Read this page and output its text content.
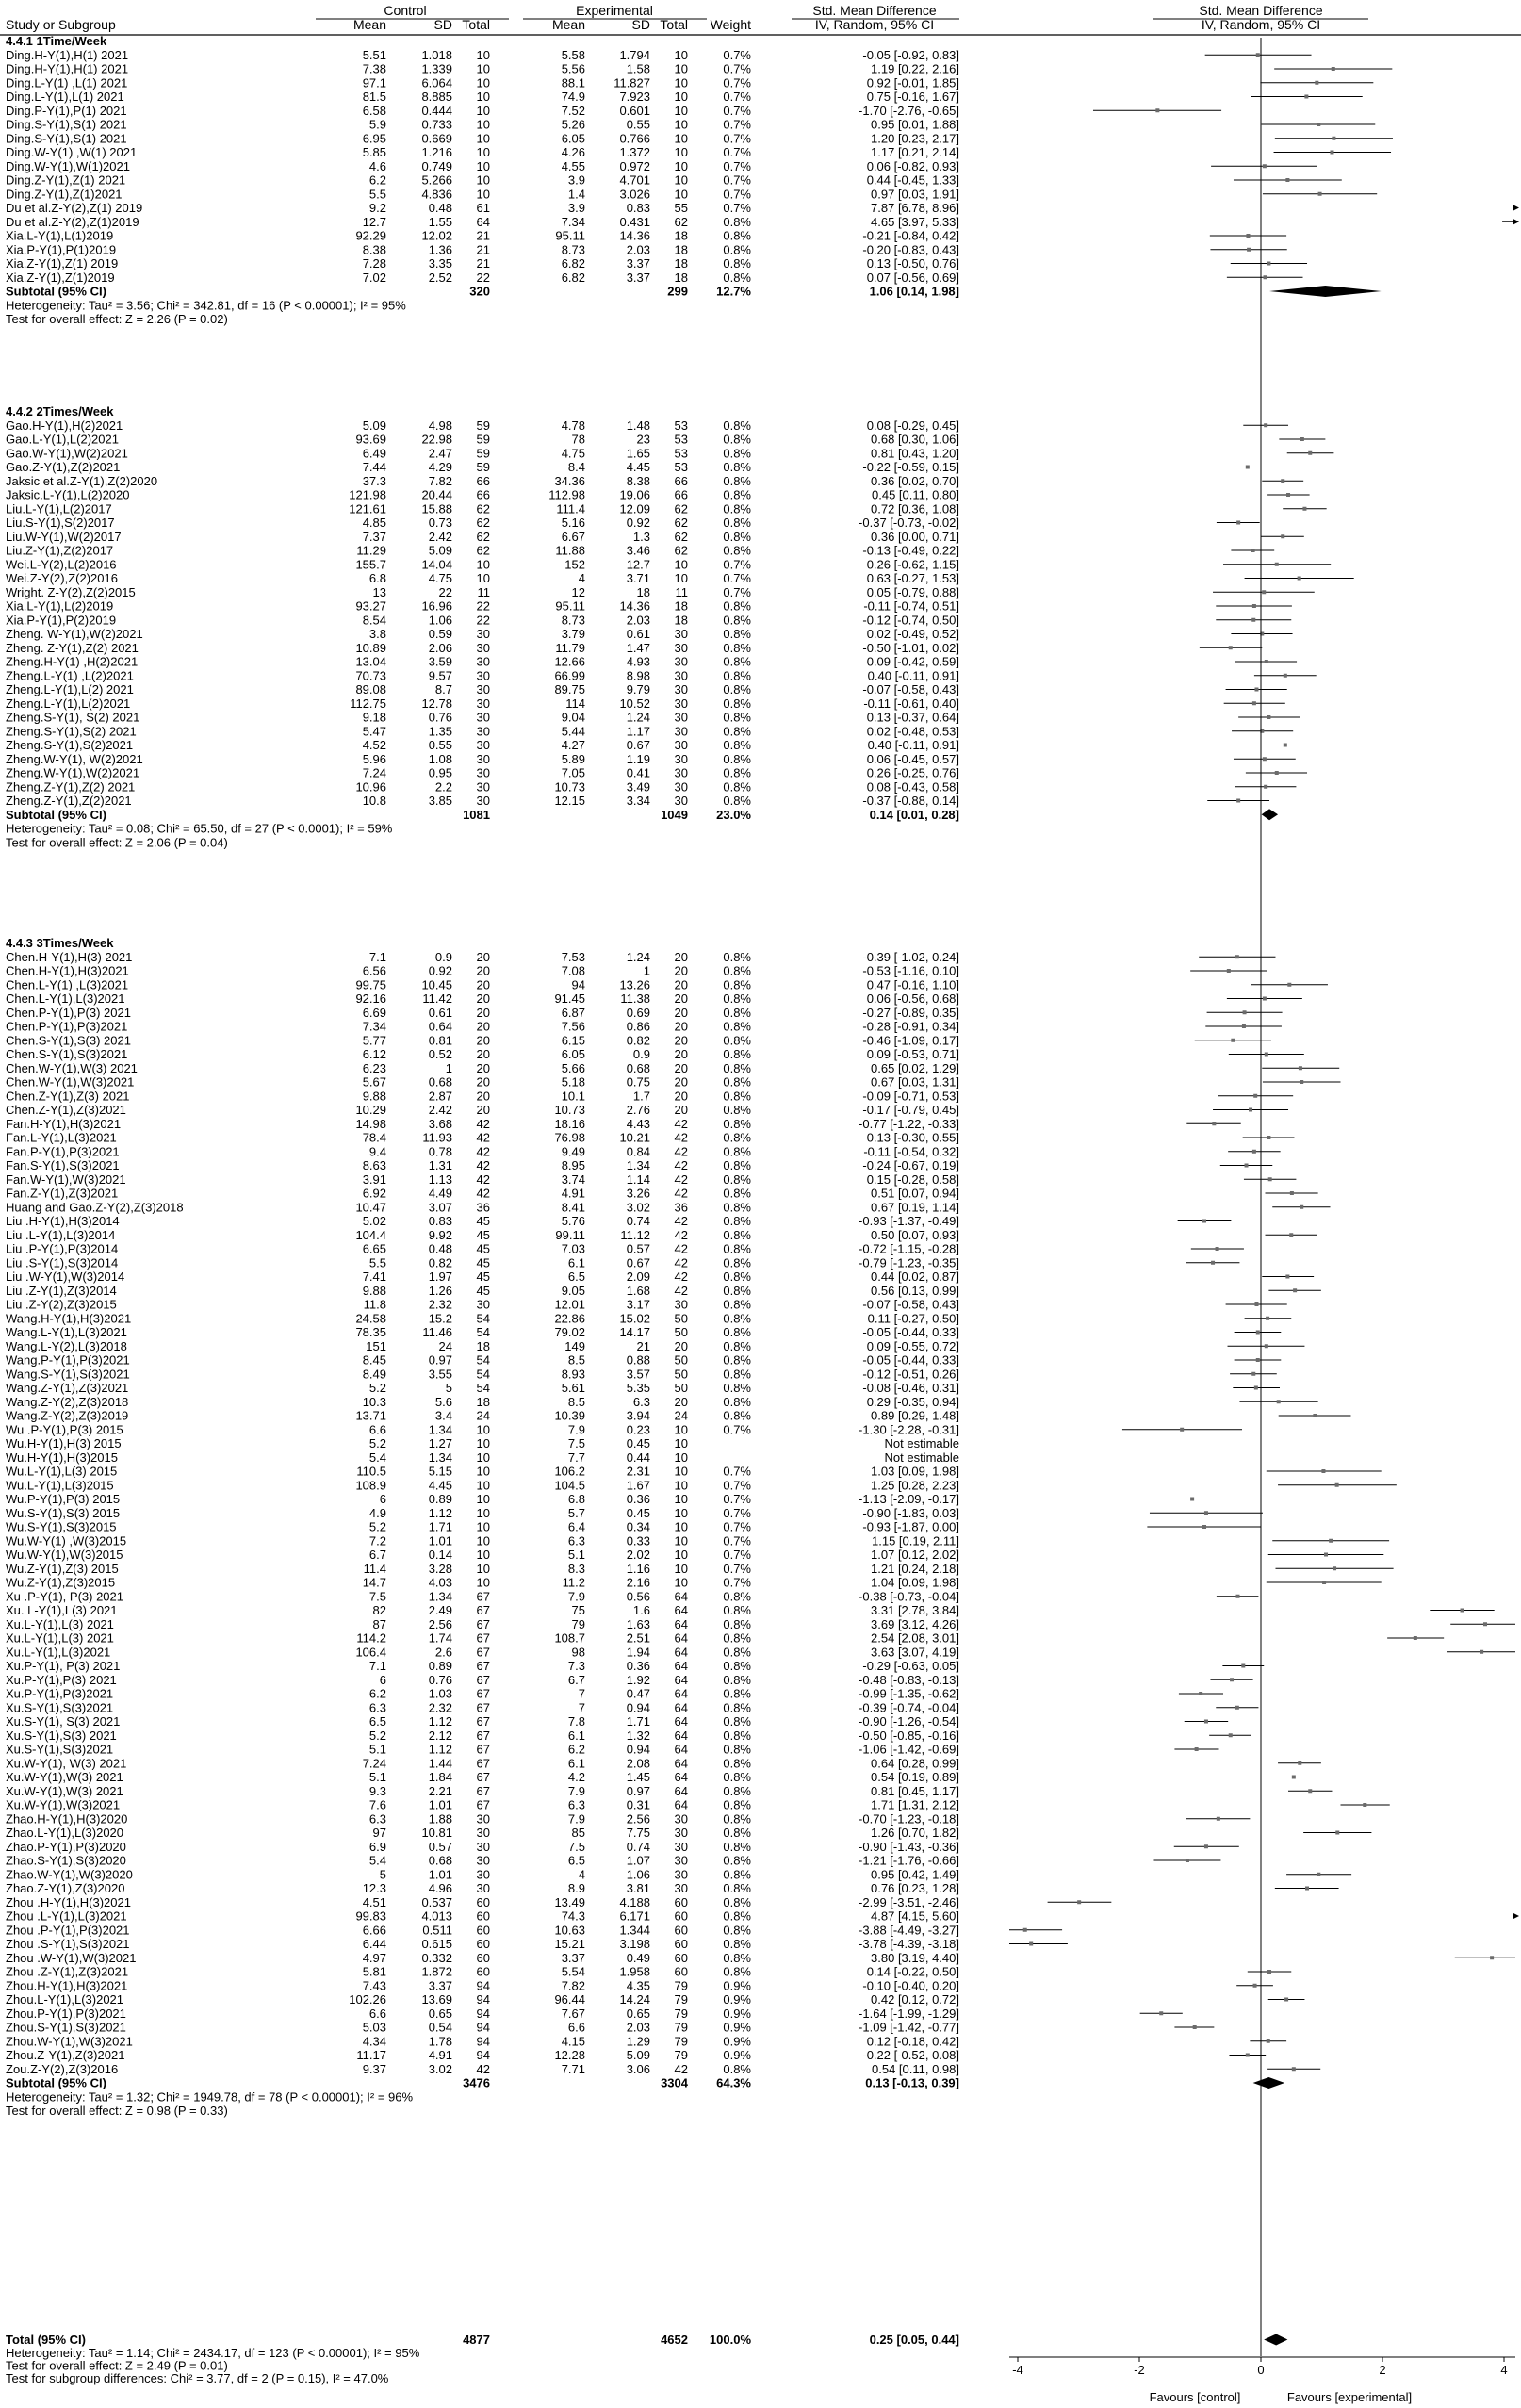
Control	Experimental	Std. Mean Difference
IV, Random, 95% CI
Std. Mean Difference
IV, Random, 95% CI
Study or Subgroup	Mean	SD Total	Mean	SD Total Weight
4.4.1 1Time/Week
Ding.H-Y(1),H(1) 2021	5.51	1.018 10	5.58	1.794 10	0.7%	-0.05 [-0.92, 0.83]
Ding.H-Y(1),H(1) 2021	7.38	1.339 10	5.56	1.58 10	0.7%	1.19 [0.22, 2.16]
Ding.L-Y(1) ,L(1) 2021	97.1	6.064 10	88.1 11.827 10	0.7%	0.92 [-0.01, 1.85]
Ding.L-Y(1),L(1) 2021	81.5	8.885 10	74.9	7.923 10	0.7%	0.75 [-0.16, 1.67]
Ding.P-Y(1),P(1) 2021	6.58	0.444 10	7.52	0.601 10	0.7%	-1.70 [-2.76, -0.65]
Ding.S-Y(1),S(1) 2021	5.9	0.733 10	5.26	0.55 10	0.7%	0.95 [0.01, 1.88]
Ding.S-Y(1),S(1) 2021	6.95	0.669 10	6.05	0.766 10	0.7%	1.20 [0.23, 2.17]
Ding.W-Y(1) ,W(1) 2021	5.85	1.216 10	4.26	1.372 10	0.7%	1.17 [0.21, 2.14]
Ding.W-Y(1),W(1)2021	4.6	0.749 10	4.55	0.972 10	0.7%	0.06 [-0.82, 0.93]
Ding.Z-Y(1),Z(1) 2021	6.2	5.266 10	3.9	4.701 10	0.7%	0.44 [-0.45, 1.33]
Ding.Z-Y(1),Z(1)2021	5.5	4.836 10	1.4	3.026 10	0.7%	0.97 [0.03, 1.91]
Du et al.Z-Y(2),Z(1) 2019	9.2	0.48 61	3.9	0.83 55	0.7%	7.87 [6.78, 8.96]
Du et al.Z-Y(2),Z(1)2019	12.7	1.55 64	7.34	0.431 62	0.8%	4.65 [3.97, 5.33]
Xia.L-Y(1),L(1)2019	92.29	12.02 21	95.11	14.36 18	0.8%	-0.21 [-0.84, 0.42]
Xia.P-Y(1),P(1)2019	8.38	1.36 21	8.73	2.03 18	0.8%	-0.20 [-0.83, 0.43]
Xia.Z-Y(1),Z(1) 2019	7.28	3.35 21	6.82	3.37 18	0.8%	0.13 [-0.50, 0.76]
Xia.Z-Y(1),Z(1)2019	7.02	2.52 22	6.82	3.37 18	0.8%	0.07 [-0.56, 0.69]
Subtotal (95% CI)	320	299 12.7%	1.06 [0.14, 1.98]
Heterogeneity: Tau² = 3.56; Chi² = 342.81, df = 16 (P < 0.00001); I² = 95%
Test for overall effect: Z = 2.26 (P = 0.02)
4.4.2 2Times/Week
Gao.H-Y(1),H(2)2021	5.09	4.98 59	4.78	1.48 53	0.8%	0.08 [-0.29, 0.45]
Gao.L-Y(1),L(2)2021	93.69	22.98 59	78	23 53	0.8%	0.68 [0.30, 1.06]
Gao.W-Y(1),W(2)2021	6.49	2.47 59	4.75	1.65 53	0.8%	0.81 [0.43, 1.20]
Gao.Z-Y(1),Z(2)2021	7.44	4.29 59	8.4	4.45 53	0.8%	-0.22 [-0.59, 0.15]
Jaksic et al.Z-Y(1),Z(2)2020	37.3	7.82 66	34.36	8.38 66	0.8%	0.36 [0.02, 0.70]
Jaksic.L-Y(1),L(2)2020	121.98	20.44 66	112.98	19.06 66	0.8%	0.45 [0.11, 0.80]
Liu.L-Y(1),L(2)2017	121.61	15.88 62	111.4	12.09 62	0.8%	0.72 [0.36, 1.08]
Liu.S-Y(1),S(2)2017	4.85	0.73 62	5.16	0.92 62	0.8%	-0.37 [-0.73, -0.02]
Liu.W-Y(1),W(2)2017	7.37	2.42 62	6.67	1.3 62	0.8%	0.36 [0.00, 0.71]
Liu.Z-Y(1),Z(2)2017	11.29	5.09 62	11.88	3.46 62	0.8%	-0.13 [-0.49, 0.22]
Wei.L-Y(2),L(2)2016	155.7	14.04 10	152	12.7 10	0.7%	0.26 [-0.62, 1.15]
Wei.Z-Y(2),Z(2)2016	6.8	4.75 10	4	3.71 10	0.7%	0.63 [-0.27, 1.53]
Wright. Z-Y(2),Z(2)2015	13	22 11	12	18 11	0.7%	0.05 [-0.79, 0.88]
Xia.L-Y(1),L(2)2019	93.27	16.96 22	95.11	14.36 18	0.8%	-0.11 [-0.74, 0.51]
Xia.P-Y(1),P(2)2019	8.54	1.06 22	8.73	2.03 18	0.8%	-0.12 [-0.74, 0.50]
Zheng. W-Y(1),W(2)2021	3.8	0.59 30	3.79	0.61 30	0.8%	0.02 [-0.49, 0.52]
Zheng. Z-Y(1),Z(2) 2021	10.89	2.06 30	11.79	1.47 30	0.8%	-0.50 [-1.01, 0.02]
Zheng.H-Y(1) ,H(2)2021	13.04	3.59 30	12.66	4.93 30	0.8%	0.09 [-0.42, 0.59]
Zheng.L-Y(1) ,L(2)2021	70.73	9.57 30	66.99	8.98 30	0.8%	0.40 [-0.11, 0.91]
Zheng.L-Y(1),L(2) 2021	89.08	8.7 30	89.75	9.79 30	0.8%	-0.07 [-0.58, 0.43]
Zheng.L-Y(1),L(2)2021	112.75	12.78 30	114	10.52 30	0.8%	-0.11 [-0.61, 0.40]
Zheng.S-Y(1), S(2) 2021	9.18	0.76 30	9.04	1.24 30	0.8%	0.13 [-0.37, 0.64]
Zheng.S-Y(1),S(2) 2021	5.47	1.35 30	5.44	1.17 30	0.8%	0.02 [-0.48, 0.53]
Zheng.S-Y(1),S(2)2021	4.52	0.55 30	4.27	0.67 30	0.8%	0.40 [-0.11, 0.91]
Zheng.W-Y(1), W(2)2021	5.96	1.08 30	5.89	1.19 30	0.8%	0.06 [-0.45, 0.57]
Zheng.W-Y(1),W(2)2021	7.24	0.95 30	7.05	0.41 30	0.8%	0.26 [-0.25, 0.76]
Zheng.Z-Y(1),Z(2) 2021	10.96	2.2 30	10.73	3.49 30	0.8%	0.08 [-0.43, 0.58]
Zheng.Z-Y(1),Z(2)2021	10.8	3.85 30	12.15	3.34 30	0.8%	-0.37 [-0.88, 0.14]
Subtotal (95% CI)	1081	1049 23.0%	0.14 [0.01, 0.28]
Heterogeneity: Tau² = 0.08; Chi² = 65.50, df = 27 (P < 0.0001); I² = 59%
Test for overall effect: Z = 2.06 (P = 0.04)
4.4.3 3Times/Week
Chen.H-Y(1),H(3) 2021	7.1	0.9 20	7.53	1.24 20	0.8%	-0.39 [-1.02, 0.24]
Chen.H-Y(1),H(3)2021	6.56	0.92 20	7.08	1 20	0.8%	-0.53 [-1.16, 0.10]
Chen.L-Y(1) ,L(3)2021	99.75	10.45 20	94	13.26 20	0.8%	0.47 [-0.16, 1.10]
Chen.L-Y(1),L(3)2021	92.16	11.42 20	91.45	11.38 20	0.8%	0.06 [-0.56, 0.68]
Chen.P-Y(1),P(3) 2021	6.69	0.61 20	6.87	0.69 20	0.8%	-0.27 [-0.89, 0.35]
Chen.P-Y(1),P(3)2021	7.34	0.64 20	7.56	0.86 20	0.8%	-0.28 [-0.91, 0.34]
Chen.S-Y(1),S(3) 2021	5.77	0.81 20	6.15	0.82 20	0.8%	-0.46 [-1.09, 0.17]
Chen.S-Y(1),S(3)2021	6.12	0.52 20	6.05	0.9 20	0.8%	0.09 [-0.53, 0.71]
Chen.W-Y(1),W(3) 2021	6.23	1 20	5.66	0.68 20	0.8%	0.65 [0.02, 1.29]
Chen.W-Y(1),W(3)2021	5.67	0.68 20	5.18	0.75 20	0.8%	0.67 [0.03, 1.31]
Chen.Z-Y(1),Z(3) 2021	9.88	2.87 20	10.1	1.7 20	0.8%	-0.09 [-0.71, 0.53]
Chen.Z-Y(1),Z(3)2021	10.29	2.42 20	10.73	2.76 20	0.8%	-0.17 [-0.79, 0.45]
Fan.H-Y(1),H(3)2021	14.98	3.68 42	18.16	4.43 42	0.8%	-0.77 [-1.22, -0.33]
Fan.L-Y(1),L(3)2021	78.4	11.93 42	76.98	10.21 42	0.8%	0.13 [-0.30, 0.55]
Fan.P-Y(1),P(3)2021	9.4	0.78 42	9.49	0.84 42	0.8%	-0.11 [-0.54, 0.32]
Fan.S-Y(1),S(3)2021	8.63	1.31 42	8.95	1.34 42	0.8%	-0.24 [-0.67, 0.19]
Fan.W-Y(1),W(3)2021	3.91	1.13 42	3.74	1.14 42	0.8%	0.15 [-0.28, 0.58]
Fan.Z-Y(1),Z(3)2021	6.92	4.49 42	4.91	3.26 42	0.8%	0.51 [0.07, 0.94]
Huang and Gao.Z-Y(2),Z(3)2018	10.47	3.07 36	8.41	3.02 36	0.8%	0.67 [0.19, 1.14]
Liu .H-Y(1),H(3)2014	5.02	0.83 45	5.76	0.74 42	0.8%	-0.93 [-1.37, -0.49]
Liu .L-Y(1),L(3)2014	104.4	9.92 45	99.11	11.12 42	0.8%	0.50 [0.07, 0.93]
Liu .P-Y(1),P(3)2014	6.65	0.48 45	7.03	0.57 42	0.8%	-0.72 [-1.15, -0.28]
Liu .S-Y(1),S(3)2014	5.5	0.82 45	6.1	0.67 42	0.8%	-0.79 [-1.23, -0.35]
Liu .W-Y(1),W(3)2014	7.41	1.97 45	6.5	2.09 42	0.8%	0.44 [0.02, 0.87]
Liu .Z-Y(1),Z(3)2014	9.88	1.26 45	9.05	1.68 42	0.8%	0.56 [0.13, 0.99]
Liu .Z-Y(2),Z(3)2015	11.8	2.32 30	12.01	3.17 30	0.8%	-0.07 [-0.58, 0.43]
Wang.H-Y(1),H(3)2021	24.58	15.2 54	22.86	15.02 50	0.8%	0.11 [-0.27, 0.50]
Wang.L-Y(1),L(3)2021	78.35	11.46 54	79.02	14.17 50	0.8%	-0.05 [-0.44, 0.33]
Wang.L-Y(2),L(3)2018	151	24 18	149	21 20	0.8%	0.09 [-0.55, 0.72]
Wang.P-Y(1),P(3)2021	8.45	0.97 54	8.5	0.88 50	0.8%	-0.05 [-0.44, 0.33]
Wang.S-Y(1),S(3)2021	8.49	3.55 54	8.93	3.57 50	0.8%	-0.12 [-0.51, 0.26]
Wang.Z-Y(1),Z(3)2021	5.2	5 54	5.61	5.35 50	0.8%	-0.08 [-0.46, 0.31]
Wang.Z-Y(2),Z(3)2018	10.3	5.6 18	8.5	6.3 20	0.8%	0.29 [-0.35, 0.94]
Wang.Z-Y(2),Z(3)2019	13.71	3.4 24	10.39	3.94 24	0.8%	0.89 [0.29, 1.48]
Wu .P-Y(1),P(3) 2015	6.6	1.34 10	7.9	0.23 10	0.7%	-1.30 [-2.28, -0.31]
Wu.H-Y(1),H(3) 2015	5.2	1.27 10	7.5	0.45 10	Not estimable
Wu.H-Y(1),H(3)2015	5.4	1.34 10	7.7	0.44 10	Not estimable
Wu.L-Y(1),L(3) 2015	110.5	5.15 10	106.2	2.31 10	0.7%	1.03 [0.09, 1.98]
Wu.L-Y(1),L(3)2015	108.9	4.45 10	104.5	1.67 10	0.7%	1.25 [0.28, 2.23]
Wu.P-Y(1),P(3) 2015	6	0.89 10	6.8	0.36 10	0.7%	-1.13 [-2.09, -0.17]
Wu.S-Y(1),S(3) 2015	4.9	1.12 10	5.7	0.45 10	0.7%	-0.90 [-1.83, 0.03]
Wu.S-Y(1),S(3)2015	5.2	1.71 10	6.4	0.34 10	0.7%	-0.93 [-1.87, 0.00]
Wu.W-Y(1) ,W(3)2015	7.2	1.01 10	6.3	0.33 10	0.7%	1.15 [0.19, 2.11]
Wu.W-Y(1),W(3)2015	6.7	0.14 10	5.1	2.02 10	0.7%	1.07 [0.12, 2.02]
Wu.Z-Y(1),Z(3) 2015	11.4	3.28 10	8.3	1.16 10	0.7%	1.21 [0.24, 2.18]
Wu.Z-Y(1),Z(3)2015	14.7	4.03 10	11.2	2.16 10	0.7%	1.04 [0.09, 1.98]
Xu .P-Y(1), P(3) 2021	7.5	1.34 67	7.9	0.56 64	0.8%	-0.38 [-0.73, -0.04]
Xu. L-Y(1),L(3) 2021	82	2.49 67	75	1.6 64	0.8%	3.31 [2.78, 3.84]
Xu.L-Y(1),L(3) 2021	87	2.56 67	79	1.63 64	0.8%	3.69 [3.12, 4.26]
Xu.L-Y(1),L(3) 2021	114.2	1.74 67	108.7	2.51 64	0.8%	2.54 [2.08, 3.01]
Xu.L-Y(1),L(3)2021	106.4	2.6 67	98	1.94 64	0.8%	3.63 [3.07, 4.19]
Xu.P-Y(1), P(3) 2021	7.1	0.89 67	7.3	0.36 64	0.8%	-0.29 [-0.63, 0.05]
Xu.P-Y(1),P(3) 2021	6	0.76 67	6.7	1.92 64	0.8%	-0.48 [-0.83, -0.13]
Xu.P-Y(1),P(3)2021	6.2	1.03 67	7	0.47 64	0.8%	-0.99 [-1.35, -0.62]
Xu.S-Y(1),S(3)2021	6.3	2.32 67	7	0.94 64	0.8%	-0.39 [-0.74, -0.04]
Xu.S-Y(1), S(3) 2021	6.5	1.12 67	7.8	1.71 64	0.8%	-0.90 [-1.26, -0.54]
Xu.S-Y(1),S(3) 2021	5.2	2.12 67	6.1	1.32 64	0.8%	-0.50 [-0.85, -0.16]
Xu.S-Y(1),S(3)2021	5.1	1.12 67	6.2	0.94 64	0.8%	-1.06 [-1.42, -0.69]
Xu.W-Y(1), W(3) 2021	7.24	1.44 67	6.1	2.08 64	0.8%	0.64 [0.28, 0.99]
Xu.W-Y(1),W(3) 2021	5.1	1.84 67	4.2	1.45 64	0.8%	0.54 [0.19, 0.89]
Xu.W-Y(1),W(3) 2021	9.3	2.21 67	7.9	0.97 64	0.8%	0.81 [0.45, 1.17]
Xu.W-Y(1),W(3)2021	7.6	1.01 67	6.3	0.31 64	0.8%	1.71 [1.31, 2.12]
Zhao.H-Y(1),H(3)2020	6.3	1.88 30	7.9	2.56 30	0.8%	-0.70 [-1.23, -0.18]
Zhao.L-Y(1),L(3)2020	97	10.81 30	85	7.75 30	0.8%	1.26 [0.70, 1.82]
Zhao.P-Y(1),P(3)2020	6.9	0.57 30	7.5	0.74 30	0.8%	-0.90 [-1.43, -0.36]
Zhao.S-Y(1),S(3)2020	5.4	0.68 30	6.5	1.07 30	0.8%	-1.21 [-1.76, -0.66]
Zhao.W-Y(1),W(3)2020	5	1.01 30	4	1.06 30	0.8%	0.95 [0.42, 1.49]
Zhao.Z-Y(1),Z(3)2020	12.3	4.96 30	8.9	3.81 30	0.8%	0.76 [0.23, 1.28]
Zhou .H-Y(1),H(3)2021	4.51	0.537 60	13.49	4.188 60	0.8%	-2.99 [-3.51, -2.46]
Zhou .L-Y(1),L(3)2021	99.83	4.013 60	74.3	6.171 60	0.8%	4.87 [4.15, 5.60]
Zhou .P-Y(1),P(3)2021	6.66	0.511 60	10.63	1.344 60	0.8%	-3.88 [-4.49, -3.27]
Zhou .S-Y(1),S(3)2021	6.44	0.615 60	15.21	3.198 60	0.8%	-3.78 [-4.39, -3.18]
Zhou .W-Y(1),W(3)2021	4.97	0.332 60	3.37	0.49 60	0.8%	3.80 [3.19, 4.40]
Zhou .Z-Y(1),Z(3)2021	5.81	1.872 60	5.54	1.958 60	0.8%	0.14 [-0.22, 0.50]
Zhou.H-Y(1),H(3)2021	7.43	3.37 94	7.82	4.35 79	0.9%	-0.10 [-0.40, 0.20]
Zhou.L-Y(1),L(3)2021	102.26	13.69 94	96.44	14.24 79	0.9%	0.42 [0.12, 0.72]
Zhou.P-Y(1),P(3)2021	6.6	0.65 94	7.67	0.65 79	0.9%	-1.64 [-1.99, -1.29]
Zhou.S-Y(1),S(3)2021	5.03	0.54 94	6.6	2.03 79	0.9%	-1.09 [-1.42, -0.77]
Zhou.W-Y(1),W(3)2021	4.34	1.78 94	4.15	1.29 79	0.9%	0.12 [-0.18, 0.42]
Zhou.Z-Y(1),Z(3)2021	11.17	4.91 94	12.28	5.09 79	0.9%	-0.22 [-0.52, 0.08]
Zou.Z-Y(2),Z(3)2016	9.37	3.02 42	7.71	3.06 42	0.8%	0.54 [0.11, 0.98]
Subtotal (95% CI)	3476	3304 64.3%	0.13 [-0.13, 0.39]
Heterogeneity: Tau² = 1.32; Chi² = 1949.78, df = 78 (P < 0.00001); I² = 96%
Test for overall effect: Z = 0.98 (P = 0.33)
Total (95% CI)	4877	4652 100.0%	0.25 [0.05, 0.44]
Heterogeneity: Tau² = 1.14; Chi² = 2434.17, df = 123 (P < 0.00001); I² = 95%
Test for overall effect: Z = 2.49 (P = 0.01)
Test for subgroup differences: Chi² = 3.77, df = 2 (P = 0.15), I² = 47.0%
-4	-2	0	2	4
Favours [control]	Favours [experimental]
